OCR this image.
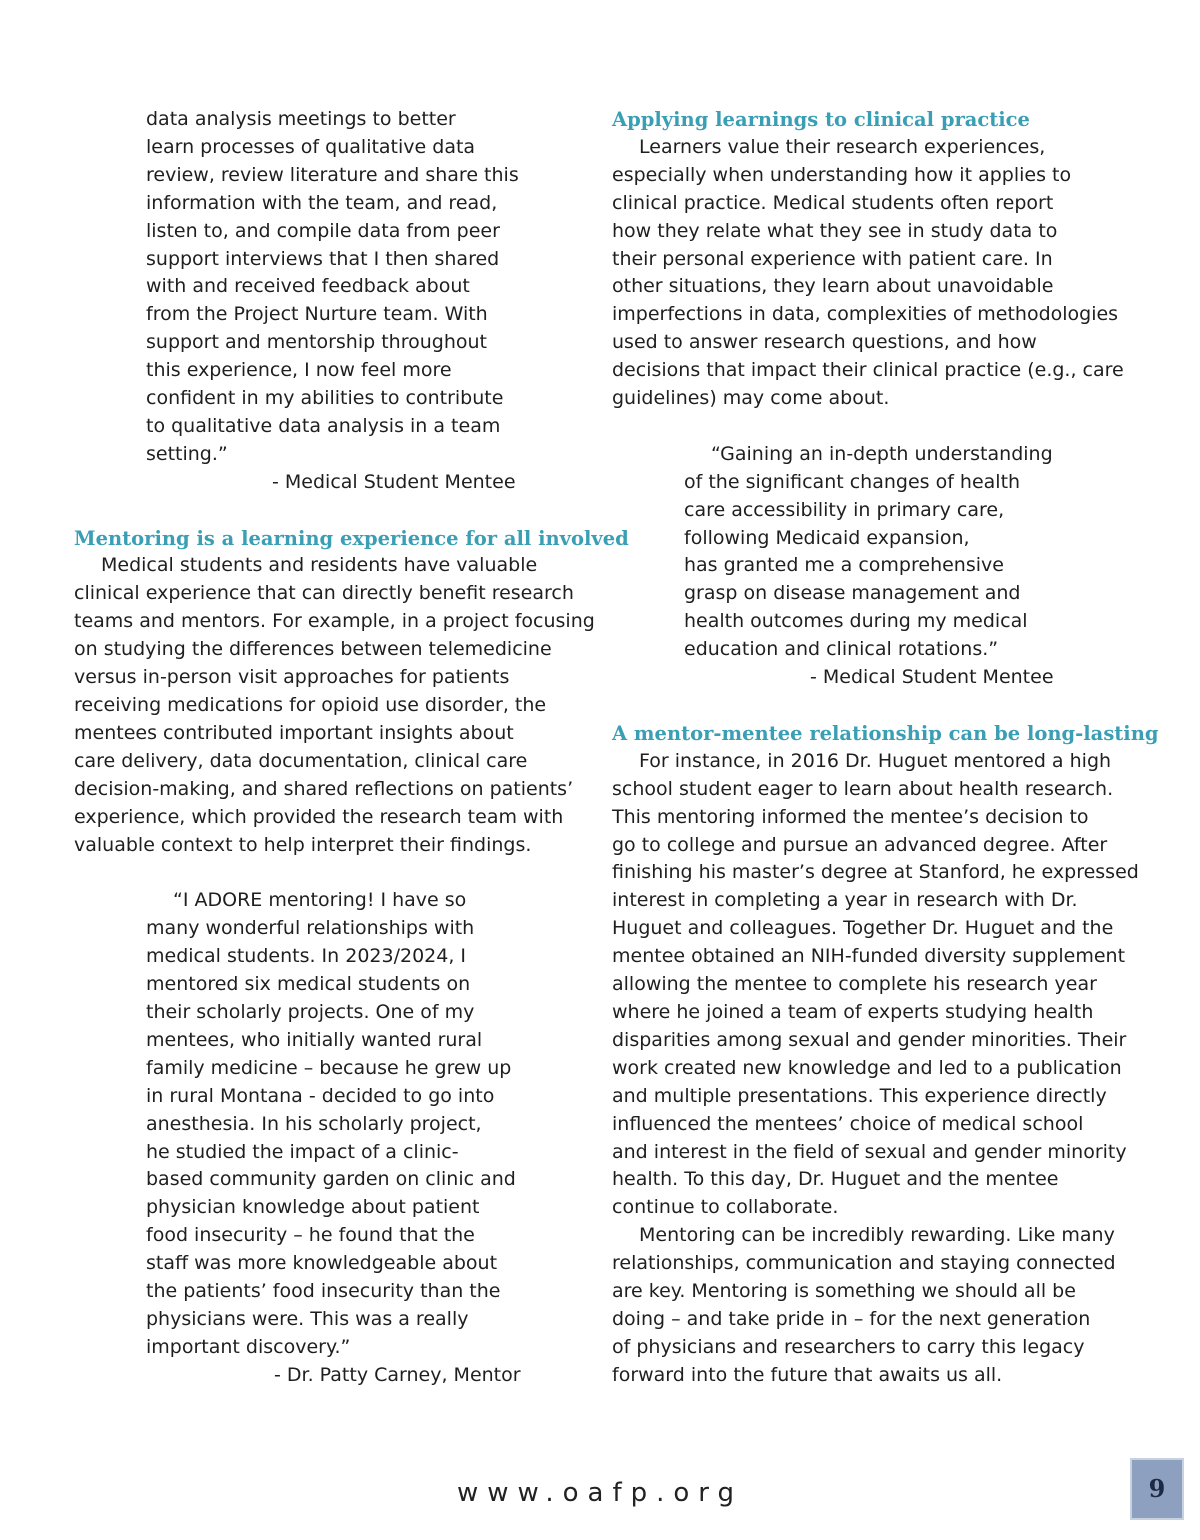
data analysis meetings to better
learn processes of qualitative data
review, review literature and share this
information with the team, and read,
listen to, and compile data from peer
support interviews that I then shared
with and received feedback about
from the Project Nurture team. With
support and mentorship throughout
this experience, I now feel more
confident in my abilities to contribute
to qualitative data analysis in a team
setting.”
- Medical Student Mentee
Mentoring is a learning experience for all involved
Medical students and residents have valuable
clinical experience that can directly benefit research
teams and mentors. For example, in a project focusing
on studying the differences between telemedicine
versus in-person visit approaches for patients
receiving medications for opioid use disorder, the
mentees contributed important insights about
care delivery, data documentation, clinical care
decision-making, and shared reflections on patients’
experience, which provided the research team with
valuable context to help interpret their findings.
“I ADORE mentoring! I have so
many wonderful relationships with
medical students. In 2023/2024, I
mentored six medical students on
their scholarly projects. One of my
mentees, who initially wanted rural
family medicine – because he grew up
in rural Montana - decided to go into
anesthesia. In his scholarly project,
he studied the impact of a clinic-
based community garden on clinic and
physician knowledge about patient
food insecurity – he found that the
staff was more knowledgeable about
the patients’ food insecurity than the
physicians were. This was a really
important discovery.”
- Dr. Patty Carney, Mentor
Applying learnings to clinical practice
Learners value their research experiences,
especially when understanding how it applies to
clinical practice. Medical students often report
how they relate what they see in study data to
their personal experience with patient care. In
other situations, they learn about unavoidable
imperfections in data, complexities of methodologies
used to answer research questions, and how
decisions that impact their clinical practice (e.g., care
guidelines) may come about.
“Gaining an in-depth understanding
of the significant changes of health
care accessibility in primary care,
following Medicaid expansion,
has granted me a comprehensive
grasp on disease management and
health outcomes during my medical
education and clinical rotations.”
- Medical Student Mentee
A mentor-mentee relationship can be long-lasting
For instance, in 2016 Dr. Huguet mentored a high
school student eager to learn about health research.
This mentoring informed the mentee’s decision to
go to college and pursue an advanced degree. After
finishing his master’s degree at Stanford, he expressed
interest in completing a year in research with Dr.
Huguet and colleagues. Together Dr. Huguet and the
mentee obtained an NIH-funded diversity supplement
allowing the mentee to complete his research year
where he joined a team of experts studying health
disparities among sexual and gender minorities. Their
work created new knowledge and led to a publication
and multiple presentations. This experience directly
influenced the mentees’ choice of medical school
and interest in the field of sexual and gender minority
health. To this day, Dr. Huguet and the mentee
continue to collaborate.
Mentoring can be incredibly rewarding. Like many
relationships, communication and staying connected
are key. Mentoring is something we should all be
doing – and take pride in – for the next generation
of physicians and researchers to carry this legacy
forward into the future that awaits us all.
www.oafp.org	9
